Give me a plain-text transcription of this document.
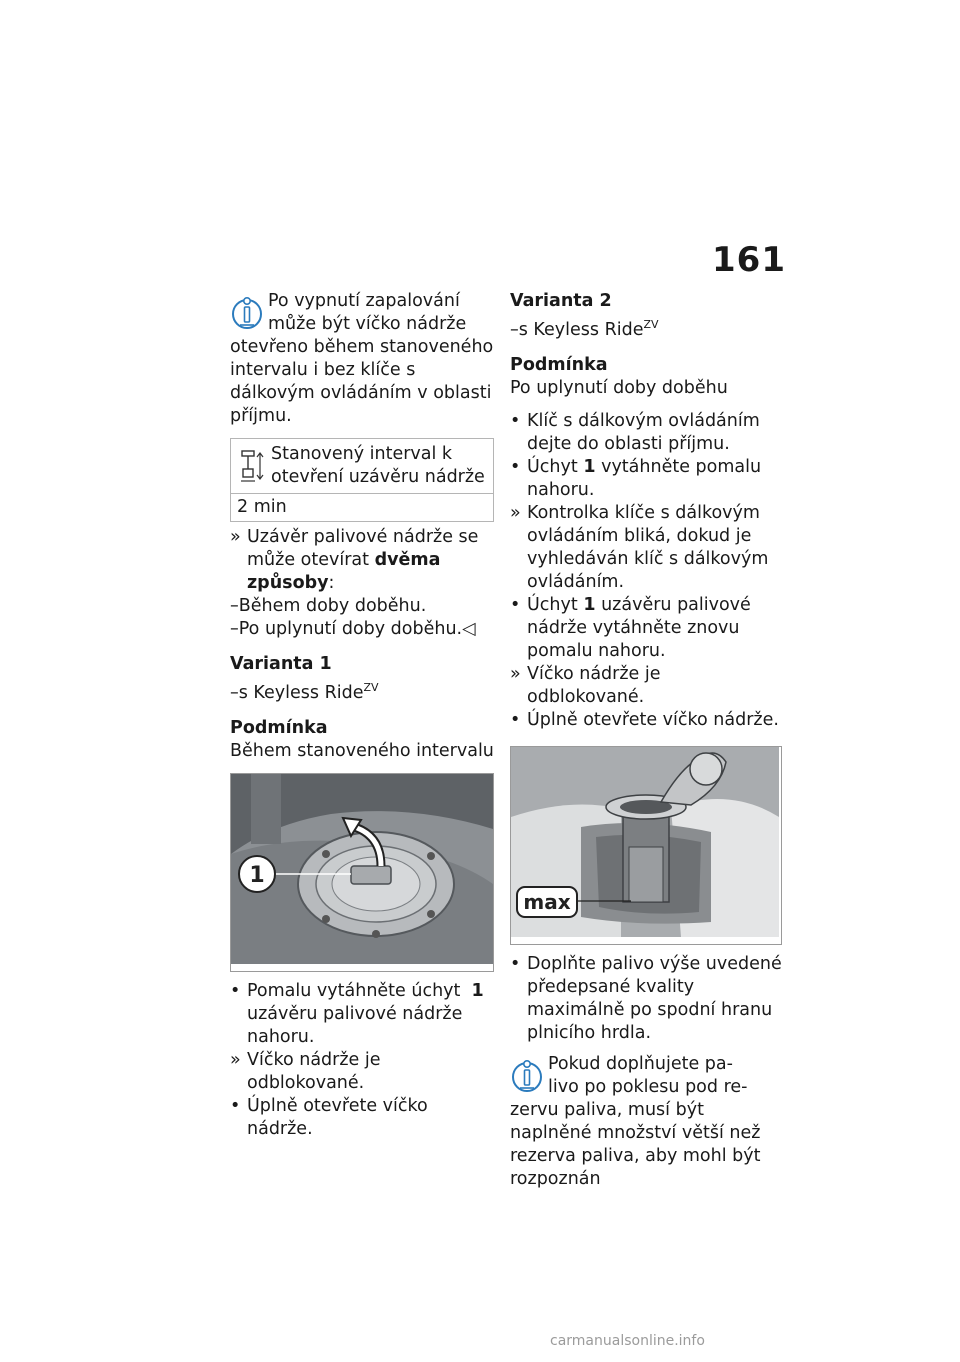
161

Po vypnutí zapalování

může být víčko nádrže

otevřeno během stanoveného intervalu i bez klíče s dálkovým ovládáním v oblasti příjmu.

Stanovený interval k otevření uzávěru nádrže

2 min
» Uzávěr palivové nádrže se může otevírat dvěma způsoby:

–Během doby doběhu.

–Po uplynutí doby doběhu.◁

Varianta 1

–s Keyless Ride$^{ZV}$

Podmínka

Během stanoveného intervalu

1
• Pomalu vytáhněte úchyt 1 uzávěru palivové nádrže nahoru.
» Víčko nádrže je odblokované.
• Úplně otevřete víčko nádrže.

Varianta 2

–s Keyless Ride$^{ZV}$

Podmínka

Po uplynutí doby doběhu

• Klíč s dálkovým ovládáním dejte do oblasti příjmu.
• Úchyt 1 vytáhněte pomalu nahoru.
» Kontrolka klíče s dálkovým ovládáním bliká, dokud je vyhledáván klíč s dálkovým ovládáním.
• Úchyt 1 uzávěru palivové nádrže vytáhněte znovu pomalu nahoru.
» Víčko nádrže je odblokované.
• Úplně otevřete víčko nádrže.
max
• Doplňte palivo výše uvedené předepsané kvality maximálně po spodní hranu plnicího hrdla.

Pokud doplňujete pa-

livo po poklesu pod re-

zervu paliva, musí být naplněné množství větší než rezerva paliva, aby mohl být rozpoznán

carmanualsonline.info
